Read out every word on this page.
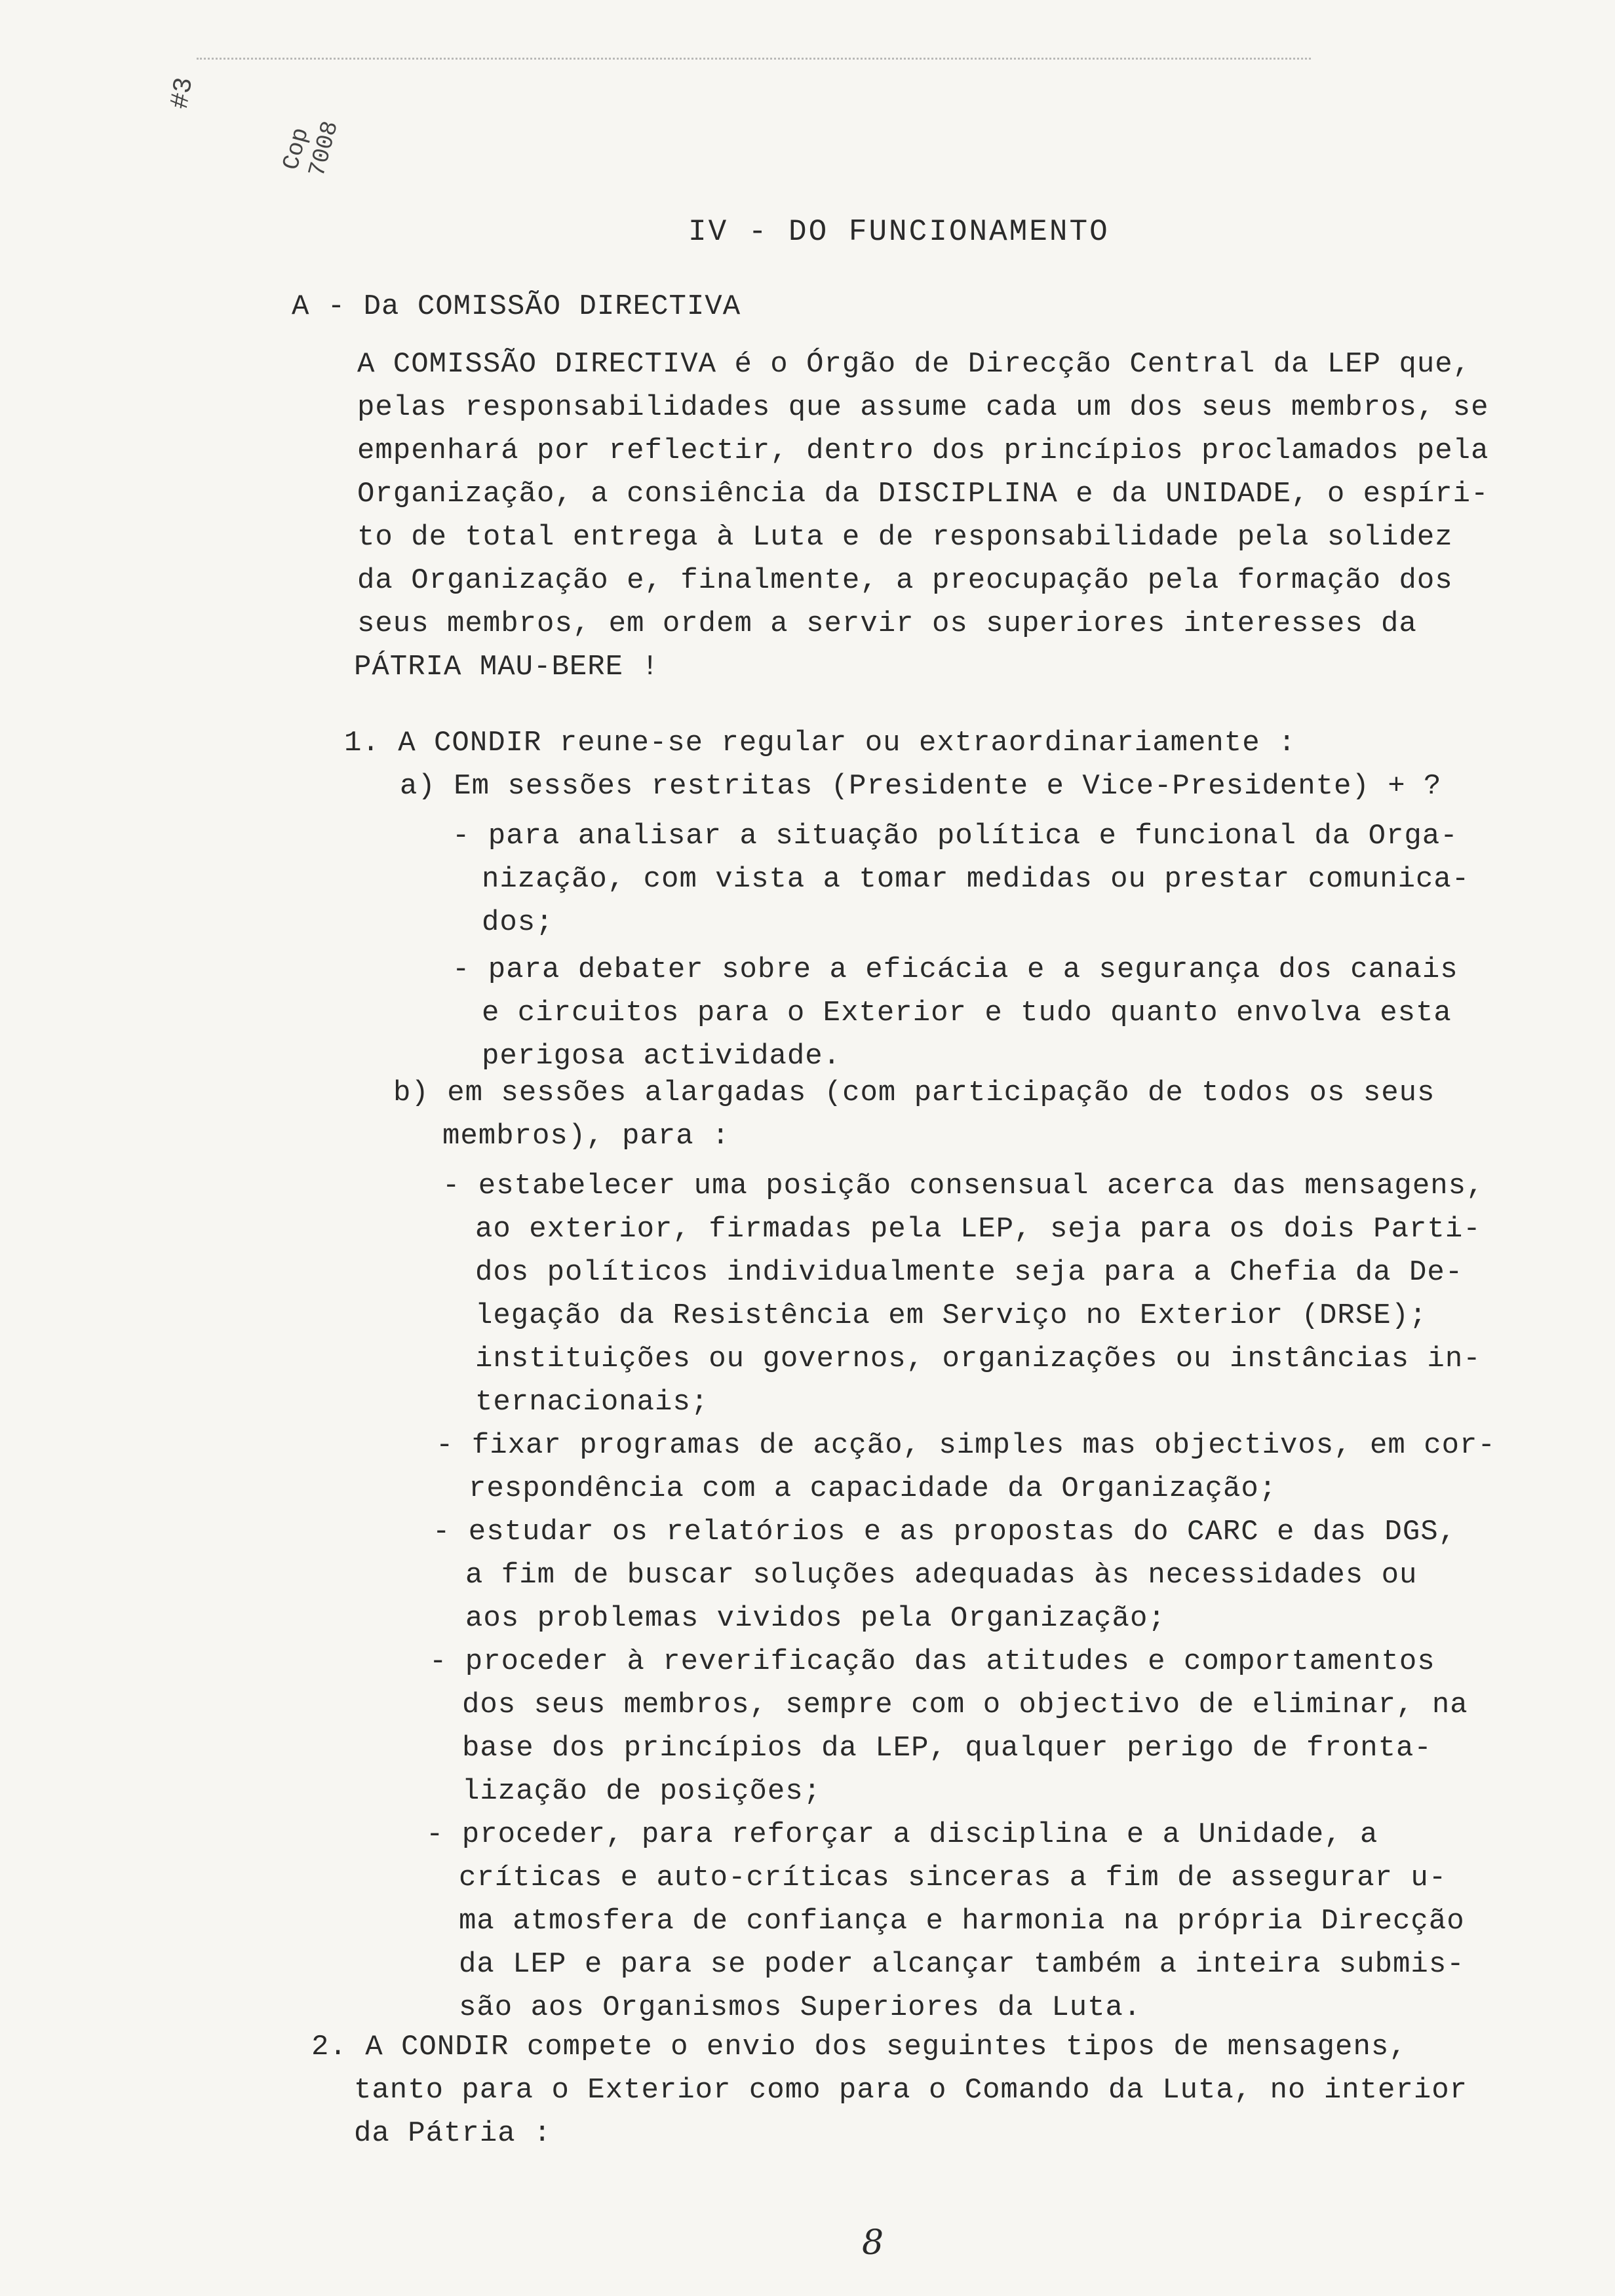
#3
Cop 7008
IV - DO FUNCIONAMENTO
A - Da COMISSÃO DIRECTIVA
A COMISSÃO DIRECTIVA é o Órgão de Direcção Central da LEP que,
pelas responsabilidades que assume cada um dos seus membros, se
empenhará por reflectir, dentro dos princípios proclamados pela
Organização, a consiência da DISCIPLINA e da UNIDADE, o espíri-
to de total entrega à Luta e de responsabilidade pela solidez
da Organização e, finalmente, a preocupação pela formação dos
seus membros, em ordem a servir os superiores interesses da
PÁTRIA MAU-BERE !
1. A CONDIR reune-se regular ou extraordinariamente :
a) Em sessões restritas (Presidente e Vice-Presidente) + ?
- para analisar a situação política e funcional da Orga-
nização, com vista a tomar medidas ou prestar comunica-
dos;
- para debater sobre a eficácia e a segurança dos canais
e circuitos para o Exterior e tudo quanto envolva esta
perigosa actividade.
b) em sessões alargadas (com participação de todos os seus
membros), para :
- estabelecer uma posição consensual acerca das mensagens,
ao exterior, firmadas pela LEP, seja para os dois Parti-
dos políticos individualmente seja para a Chefia da De-
legação da Resistência em Serviço no Exterior (DRSE);
instituições ou governos, organizações ou instâncias in-
ternacionais;
- fixar programas de acção, simples mas objectivos, em cor-
respondência com a capacidade da Organização;
- estudar os relatórios e as propostas do CARC e das DGS,
a fim de buscar soluções adequadas às necessidades ou
aos problemas vividos pela Organização;
- proceder à reverificação das atitudes e comportamentos
dos seus membros, sempre com o objectivo de eliminar, na
base dos princípios da LEP, qualquer perigo de fronta-
lização de posições;
- proceder, para reforçar a disciplina e a Unidade, a
críticas e auto-críticas sinceras a fim de assegurar u-
ma atmosfera de confiança e harmonia na própria Direcção
da LEP e para se poder alcançar também a inteira submis-
são aos Organismos Superiores da Luta.
2. A CONDIR compete o envio dos seguintes tipos de mensagens,
tanto para o Exterior como para o Comando da Luta, no interior
da Pátria :
8
